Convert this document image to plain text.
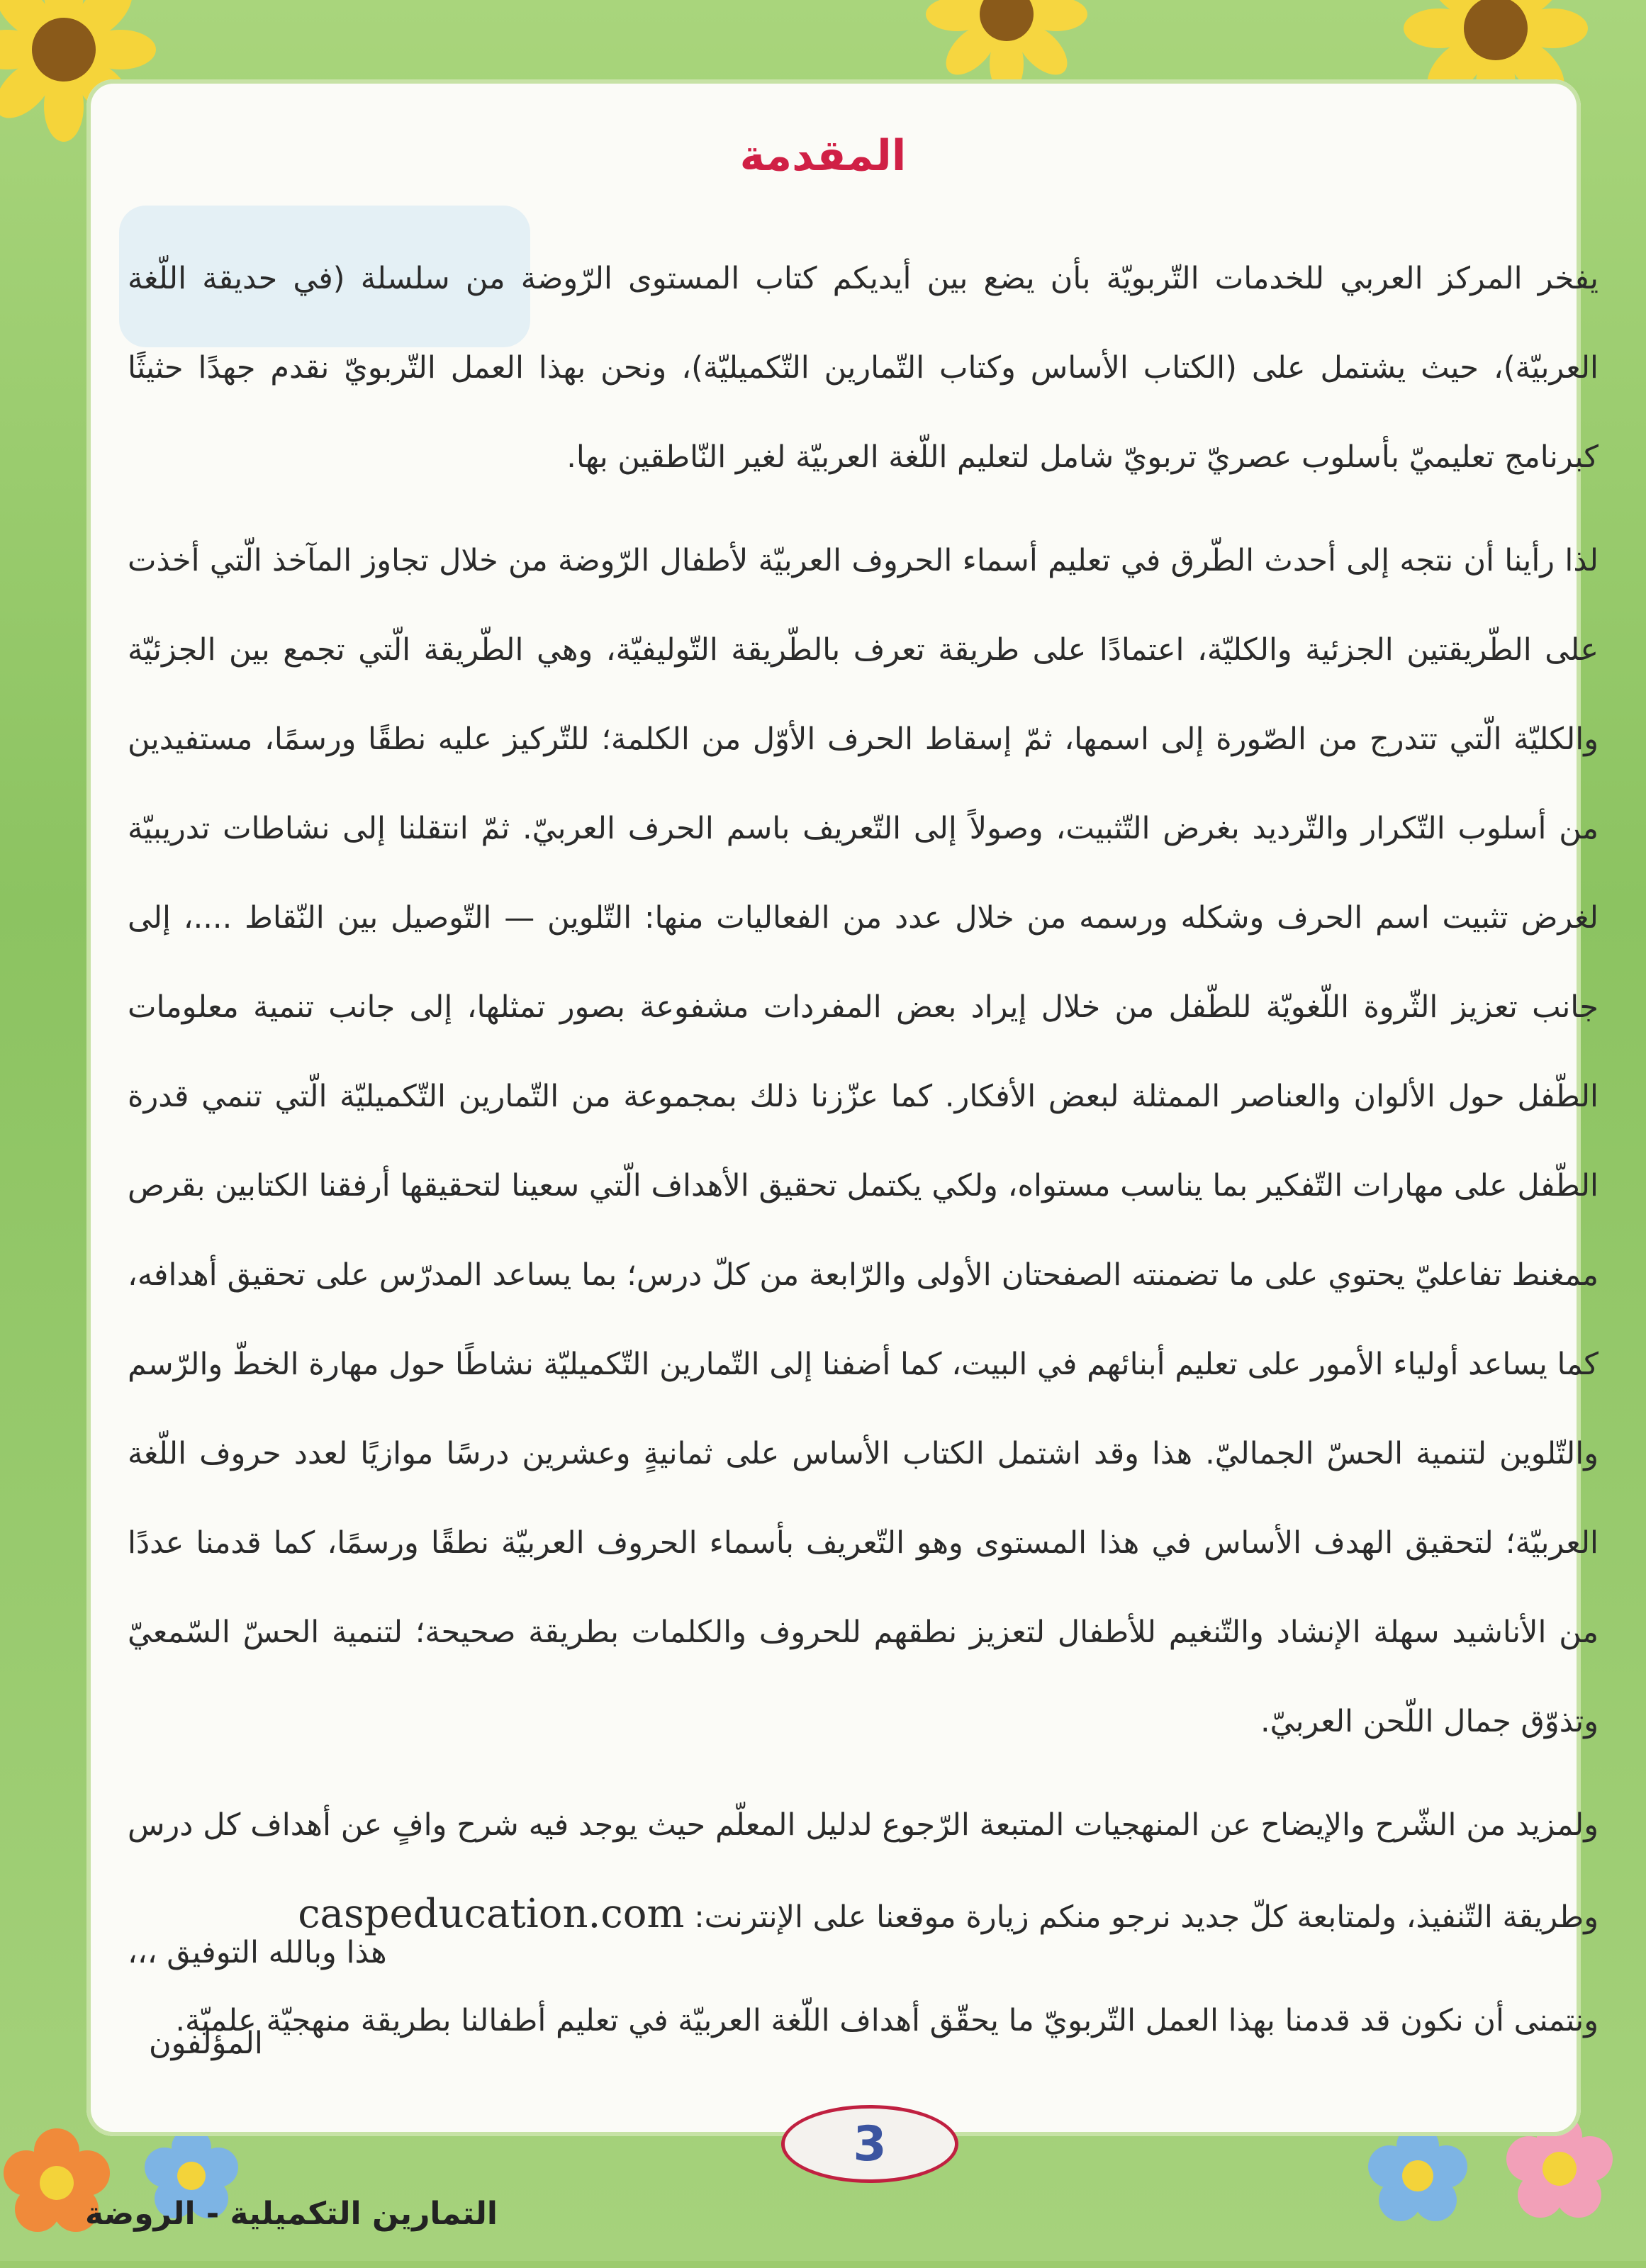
المقدمة

يفخر المركز العربي للخدمات التّربويّة بأن يضع بين أيديكم كتاب المستوى الرّوضة من سلسلة (في حديقة اللّغة العربيّة)، حيث يشتمل على (الكتاب الأساس وكتاب التّمارين التّكميليّة)، ونحن بهذا العمل التّربويّ نقدم جهدًا حثيثًا كبرنامج تعليميّ بأسلوب عصريّ تربويّ شامل لتعليم اللّغة العربيّة لغير النّاطقين بها.

لذا رأينا أن نتجه إلى أحدث الطّرق في تعليم أسماء الحروف العربيّة لأطفال الرّوضة من خلال تجاوز المآخذ الّتي أخذت على الطّريقتين الجزئية والكليّة، اعتمادًا على طريقة تعرف بالطّريقة التّوليفيّة، وهي الطّريقة الّتي تجمع بين الجزئيّة والكليّة الّتي تتدرج من الصّورة إلى اسمها، ثمّ إسقاط الحرف الأوّل من الكلمة؛ للتّركيز عليه نطقًا ورسمًا، مستفيدين من أسلوب التّكرار والتّرديد بغرض التّثبيت، وصولاً إلى التّعريف باسم الحرف العربيّ. ثمّ انتقلنا إلى نشاطات تدريبيّة لغرض تثبيت اسم الحرف وشكله ورسمه من خلال عدد من الفعاليات منها: التّلوين — التّوصيل بين النّقاط ....، إلى جانب تعزيز الثّروة اللّغويّة للطّفل من خلال إيراد بعض المفردات مشفوعة بصور تمثلها، إلى جانب تنمية معلومات الطّفل حول الألوان والعناصر الممثلة لبعض الأفكار. كما عزّزنا ذلك بمجموعة من التّمارين التّكميليّة الّتي تنمي قدرة الطّفل على مهارات التّفكير بما يناسب مستواه، ولكي يكتمل تحقيق الأهداف الّتي سعينا لتحقيقها أرفقنا الكتابين بقرص ممغنط تفاعليّ يحتوي على ما تضمنته الصفحتان الأولى والرّابعة من كلّ درس؛ بما يساعد المدرّس على تحقيق أهدافه، كما يساعد أولياء الأمور على تعليم أبنائهم في البيت، كما أضفنا إلى التّمارين التّكميليّة نشاطًا حول مهارة الخطّ والرّسم والتّلوين لتنمية الحسّ الجماليّ. هذا وقد اشتمل الكتاب الأساس على ثمانيةٍ وعشرين درسًا موازيًا لعدد حروف اللّغة العربيّة؛ لتحقيق الهدف الأساس في هذا المستوى وهو التّعريف بأسماء الحروف العربيّة نطقًا ورسمًا، كما قدمنا عددًا من الأناشيد سهلة الإنشاد والتّنغيم للأطفال لتعزيز نطقهم للحروف والكلمات بطريقة صحيحة؛ لتنمية الحسّ السّمعيّ وتذوّق جمال اللّحن العربيّ.

ولمزيد من الشّرح والإيضاح عن المنهجيات المتبعة الرّجوع لدليل المعلّم حيث يوجد فيه شرح وافٍ عن أهداف كل درس وطريقة التّنفيذ، ولمتابعة كلّ جديد نرجو منكم زيارة موقعنا على الإنترنت: caspeducation.com

ونتمنى أن نكون قد قدمنا بهذا العمل التّربويّ ما يحقّق أهداف اللّغة العربيّة في تعليم أطفالنا بطريقة منهجيّة علميّة.

هذا وبالله التوفيق ،،،
المؤلفون
3
التمارين التكميلية - الروضة
